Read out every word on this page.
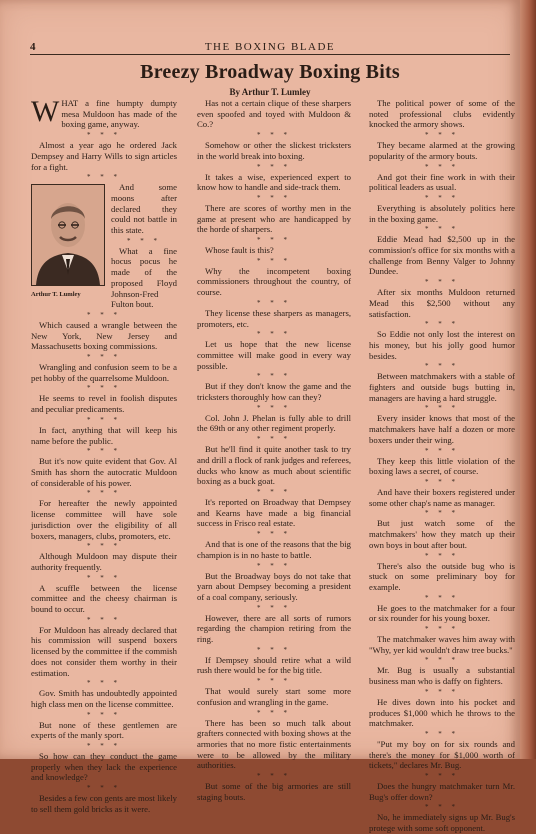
4	THE BOXING BLADE
Breezy Broadway Boxing Bits
By Arthur T. Lumley

WHAT a fine humpty dumpty mesa Muldoon has made of the boxing game, anyway.

* * *

Almost a year ago he ordered Jack Dempsey and Harry Wills to sign articles for a fight.

* * *
Arthur T. Lumley

And some moons after declared they could not battle in this state.

* * *

What a fine hocus pocus he made of the proposed Floyd Johnson-Fred Fulton bout.

* * *

Which caused a wrangle between the New York, New Jersey and Massachusetts boxing commissions.

* * *

Wrangling and confusion seem to be a pet hobby of the quarrelsome Muldoon.

* * *

He seems to revel in foolish disputes and peculiar predicaments.

* * *

In fact, anything that will keep his name before the public.

* * *

But it's now quite evident that Gov. Al Smith has shorn the autocratic Muldoon of considerable of his power.

* * *

For hereafter the newly appointed license committee will have sole jurisdiction over the eligibility of all boxers, managers, clubs, promoters, etc.

* * *

Although Muldoon may dispute their authority frequently.

* * *

A scuffle between the license committee and the cheesy chairman is bound to occur.

* * *

For Muldoon has already declared that his commission will suspend boxers licensed by the committee if the commish does not consider them worthy in their estimation.

* * *

Gov. Smith has undoubtedly appointed high class men on the license committee.

* * *

But none of these gentlemen are experts of the manly sport.

* * *

So how can they conduct the game properly when they lack the experience and knowledge?

* * *

Besides a few con gents are most likely to sell them gold bricks as it were.

Has not a certain clique of these sharpers even spoofed and toyed with Muldoon & Co.?

* * *

Somehow or other the slickest tricksters in the world break into boxing.

* * *

It takes a wise, experienced expert to know how to handle and side-track them.

* * *

There are scores of worthy men in the game at present who are handicapped by the horde of sharpers.

* * *

Whose fault is this?

* * *

Why the incompetent boxing commissioners throughout the country, of course.

* * *

They license these sharpers as managers, promoters, etc.

* * *

Let us hope that the new license committee will make good in every way possible.

* * *

But if they don't know the game and the tricksters thoroughly how can they?

* * *

Col. John J. Phelan is fully able to drill the 69th or any other regiment properly.

* * *

But he'll find it quite another task to try and drill a flock of rank judges and referees, ducks who know as much about scientific boxing as a buck goat.

* * *

It's reported on Broadway that Dempsey and Kearns have made a big financial success in Frisco real estate.

* * *

And that is one of the reasons that the big champion is in no haste to battle.

* * *

But the Broadway boys do not take that yarn about Dempsey becoming a president of a coal company, seriously.

* * *

However, there are all sorts of rumors regarding the champion retiring from the ring.

* * *

If Dempsey should retire what a wild rush there would be for the big title.

* * *

That would surely start some more confusion and wrangling in the game.

* * *

There has been so much talk about grafters connected with boxing shows at the armories that no more fistic entertainments were to be allowed by the military authorities.

* * *

But some of the big armories are still staging bouts.

The political power of some of the noted professional clubs evidently knocked the armory shows.

* * *

They became alarmed at the growing popularity of the armory bouts.

* * *

And got their fine work in with their political leaders as usual.

* * *

Everything is absolutely politics here in the boxing game.

* * *

Eddie Mead had $2,500 up in the commission's office for six months with a challenge from Benny Valger to Johnny Dundee.

* * *

After six months Muldoon returned Mead this $2,500 without any satisfaction.

* * *

So Eddie not only lost the interest on his money, but his jolly good humor besides.

* * *

Between matchmakers with a stable of fighters and outside bugs butting in, managers are having a hard struggle.

* * *

Every insider knows that most of the matchmakers have half a dozen or more boxers under their wing.

* * *

They keep this little violation of the boxing laws a secret, of course.

* * *

And have their boxers registered under some other chap's name as manager.

* * *

But just watch some of the matchmakers' how they match up their own boys in bout after bout.

* * *

There's also the outside bug who is stuck on some preliminary boy for example.

* * *

He goes to the matchmaker for a four or six rounder for his young boxer.

* * *

The matchmaker waves him away with "Why, yer kid wouldn't draw tree bucks."

* * *

Mr. Bug is usually a substantial business man who is daffy on fighters.

* * *

He dives down into his pocket and produces $1,000 which he throws to the matchmaker.

* * *

"Put my boy on for six rounds and there's the money for $1,000 worth of tickets," declares Mr. Bug.

* * *

Does the hungry matchmaker turn Mr. Bug's offer down?

* * *

No, he immediately signs up Mr. Bug's protege with some soft opponent.
